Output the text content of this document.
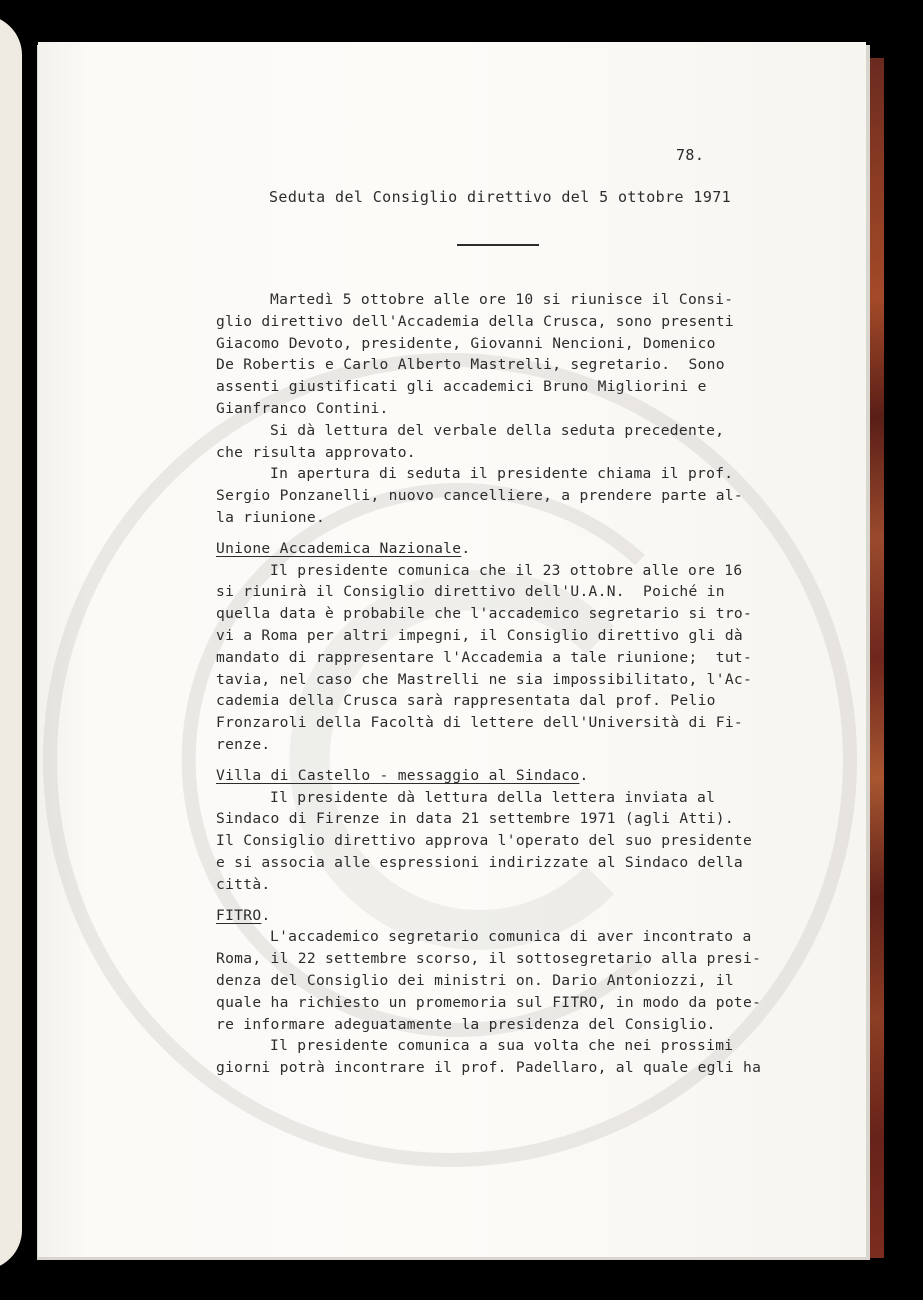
78.
Seduta del Consiglio direttivo del 5 ottobre 1971
Martedì 5 ottobre alle ore 10 si riunisce il Consi-
glio direttivo dell'Accademia della Crusca, sono presenti
Giacomo Devoto, presidente, Giovanni Nencioni, Domenico
De Robertis e Carlo Alberto Mastrelli, segretario.  Sono
assenti giustificati gli accademici Bruno Migliorini e
Gianfranco Contini.
Si dà lettura del verbale della seduta precedente,
che risulta approvato.
In apertura di seduta il presidente chiama il prof.
Sergio Ponzanelli, nuovo cancelliere, a prendere parte al-
la riunione.
Unione Accademica Nazionale.
Il presidente comunica che il 23 ottobre alle ore 16
si riunirà il Consiglio direttivo dell'U.A.N.  Poiché in
quella data è probabile che l'accademico segretario si tro-
vi a Roma per altri impegni, il Consiglio direttivo gli dà
mandato di rappresentare l'Accademia a tale riunione;  tut-
tavia, nel caso che Mastrelli ne sia impossibilitato, l'Ac-
cademia della Crusca sarà rappresentata dal prof. Pelio
Fronzaroli della Facoltà di lettere dell'Università di Fi-
renze.
Villa di Castello - messaggio al Sindaco.
Il presidente dà lettura della lettera inviata al
Sindaco di Firenze in data 21 settembre 1971 (agli Atti).
Il Consiglio direttivo approva l'operato del suo presidente
e si associa alle espressioni indirizzate al Sindaco della
città.
FITRO.
L'accademico segretario comunica di aver incontrato a
Roma, il 22 settembre scorso, il sottosegretario alla presi-
denza del Consiglio dei ministri on. Dario Antoniozzi, il
quale ha richiesto un promemoria sul FITRO, in modo da pote-
re informare adeguatamente la presidenza del Consiglio.
Il presidente comunica a sua volta che nei prossimi
giorni potrà incontrare il prof. Padellaro, al quale egli ha
